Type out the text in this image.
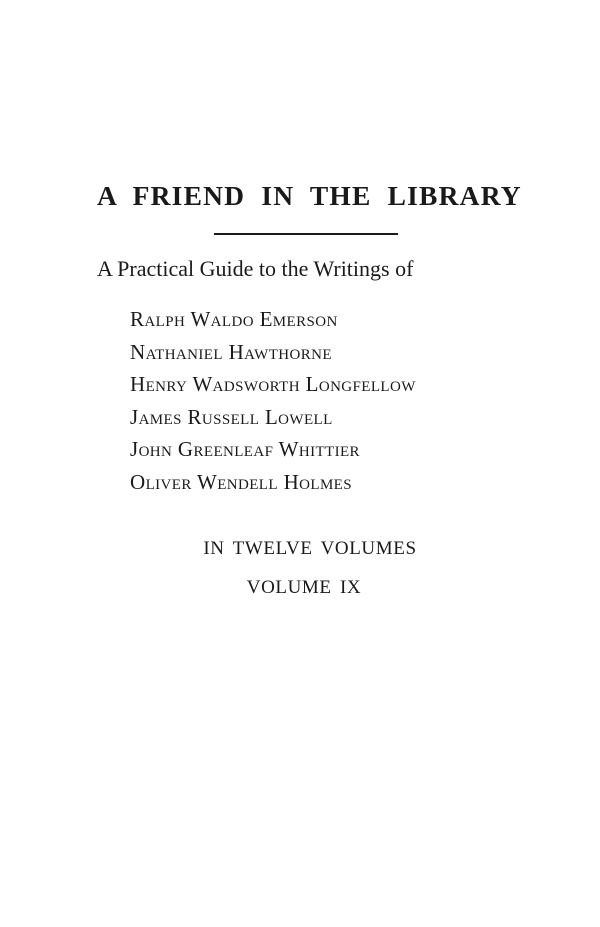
A FRIEND IN THE LIBRARY

A Practical Guide to the Writings of

Ralph Waldo Emerson
Nathaniel Hawthorne
Henry Wadsworth Longfellow
James Russell Lowell
John Greenleaf Whittier
Oliver Wendell Holmes

IN TWELVE VOLUMES

VOLUME IX
